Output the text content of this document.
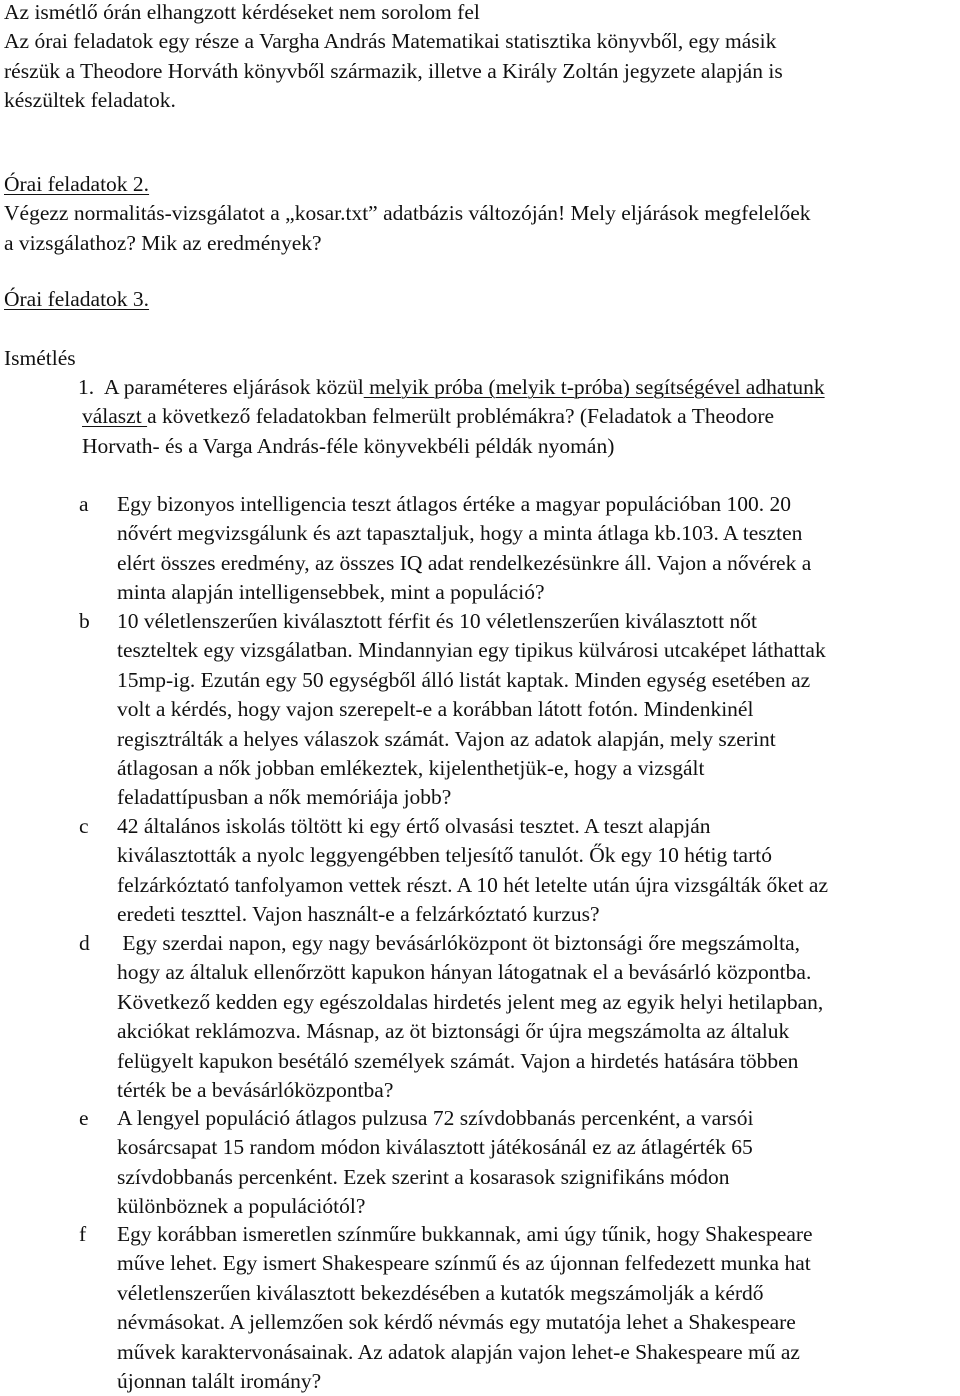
Az ismétlő órán elhangzott kérdéseket nem sorolom fel
Az órai feladatok egy része a Vargha András Matematikai statisztika könyvből, egy másik
részük a Theodore Horváth könyvből származik, illetve a Király Zoltán jegyzete alapján is
készültek feladatok.
Órai feladatok 2.
Végezz normalitás-vizsgálatot a „kosar.txt” adatbázis változóján! Mely eljárások megfelelőek
a vizsgálathoz? Mik az eredmények?
Órai feladatok 3.
Ismétlés
1. A paraméteres eljárások közül melyik próba (melyik t-próba) segítségével adhatunk
választ a következő feladatokban felmerült problémákra? (Feladatok a Theodore
Horvath- és a Varga András-féle könyvekbéli példák nyomán)
a	Egy bizonyos intelligencia teszt átlagos értéke a magyar populációban 100. 20
nővért megvizsgálunk és azt tapasztaljuk, hogy a minta átlaga kb.103. A teszten
elért összes eredmény, az összes IQ adat rendelkezésünkre áll. Vajon a nővérek a
minta alapján intelligensebbek, mint a populáció?
b	10 véletlenszerűen kiválasztott férfit és 10 véletlenszerűen kiválasztott nőt
teszteltek egy vizsgálatban. Mindannyian egy tipikus külvárosi utcaképet láthattak
15mp-ig. Ezután egy 50 egységből álló listát kaptak. Minden egység esetében az
volt a kérdés, hogy vajon szerepelt-e a korábban látott fotón. Mindenkinél
regisztrálták a helyes válaszok számát. Vajon az adatok alapján, mely szerint
átlagosan a nők jobban emlékeztek, kijelenthetjük-e, hogy a vizsgált
feladattípusban a nők memóriája jobb?
c	42 általános iskolás töltött ki egy értő olvasási tesztet. A teszt alapján
kiválasztották a nyolc leggyengébben teljesítő tanulót. Ők egy 10 hétig tartó
felzárkóztató tanfolyamon vettek részt. A 10 hét letelte után újra vizsgálták őket az
eredeti teszttel. Vajon használt-e a felzárkóztató kurzus?
d	Egy szerdai napon, egy nagy bevásárlóközpont öt biztonsági őre megszámolta,
hogy az általuk ellenőrzött kapukon hányan látogatnak el a bevásárló központba.
Következő kedden egy egészoldalas hirdetés jelent meg az egyik helyi hetilapban,
akciókat reklámozva. Másnap, az öt biztonsági őr újra megszámolta az általuk
felügyelt kapukon besétáló személyek számát. Vajon a hirdetés hatására többen
térték be a bevásárlóközpontba?
e	A lengyel populáció átlagos pulzusa 72 szívdobbanás percenként, a varsói
kosárcsapat 15 random módon kiválasztott játékosánál ez az átlagérték 65
szívdobbanás percenként. Ezek szerint a kosarasok szignifikáns módon
különböznek a populációtól?
f	Egy korábban ismeretlen színműre bukkannak, ami úgy tűnik, hogy Shakespeare
műve lehet. Egy ismert Shakespeare színmű és az újonnan felfedezett munka hat
véletlenszerűen kiválasztott bekezdésében a kutatók megszámolják a kérdő
névmásokat. A jellemzően sok kérdő névmás egy mutatója lehet a Shakespeare
művek karaktervonásainak. Az adatok alapján vajon lehet-e Shakespeare mű az
újonnan talált iromány?
